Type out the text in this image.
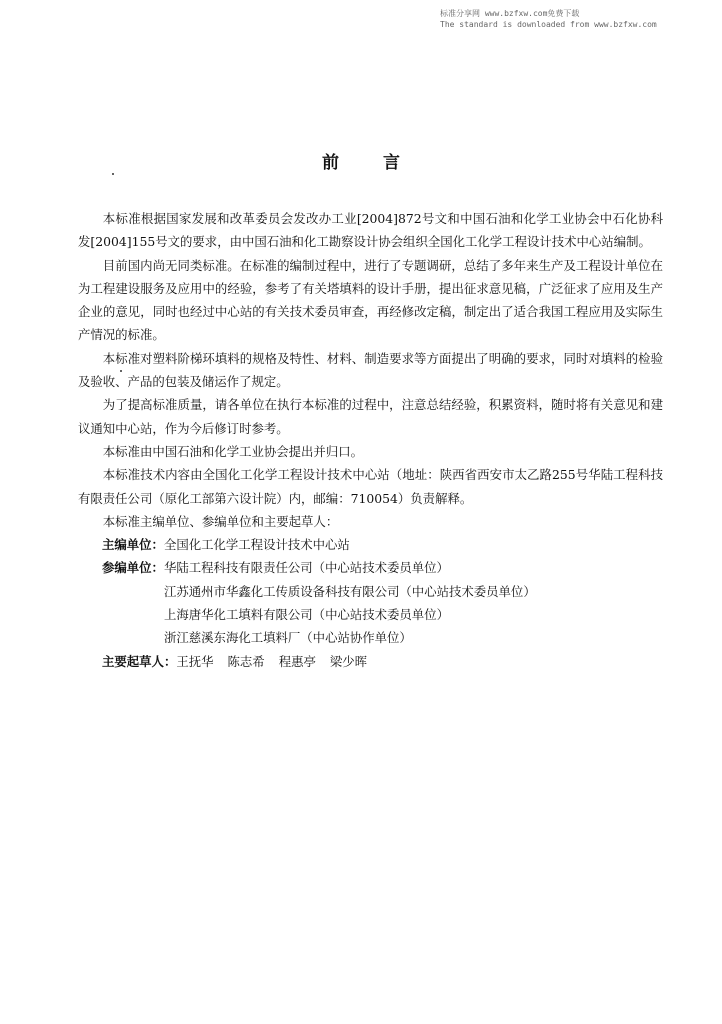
标准分享网 www.bzfxw.com免费下载
The standard is downloaded from www.bzfxw.com
前	言

本标准根据国家发展和改革委员会发改办工业[2004]872号文和中国石油和化学工业协会中石化协科发[2004]155号文的要求，由中国石油和化工勘察设计协会组织全国化工化学工程设计技术中心站编制。

目前国内尚无同类标准。在标准的编制过程中，进行了专题调研，总结了多年来生产及工程设计单位在为工程建设服务及应用中的经验，参考了有关塔填料的设计手册，提出征求意见稿，广泛征求了应用及生产企业的意见，同时也经过中心站的有关技术委员审查，再经修改定稿，制定出了适合我国工程应用及实际生产情况的标准。

本标准对塑料阶梯环填料的规格及特性、材料、制造要求等方面提出了明确的要求，同时对填料的检验及验收、产品的包装及储运作了规定。

为了提高标准质量，请各单位在执行本标准的过程中，注意总结经验，积累资料，随时将有关意见和建议通知中心站，作为今后修订时参考。

本标准由中国石油和化学工业协会提出并归口。

本标准技术内容由全国化工化学工程设计技术中心站（地址：陕西省西安市太乙路255号华陆工程科技有限责任公司（原化工部第六设计院）内，邮编：710054）负责解释。

本标准主编单位、参编单位和主要起草人：

主编单位：全国化工化学工程设计技术中心站

参编单位：华陆工程科技有限责任公司（中心站技术委员单位）

江苏通州市华鑫化工传质设备科技有限公司（中心站技术委员单位）

上海唐华化工填料有限公司（中心站技术委员单位）

浙江慈溪东海化工填料厂（中心站协作单位）

主要起草人：王抚华 陈志希 程惠亭 梁少晖
